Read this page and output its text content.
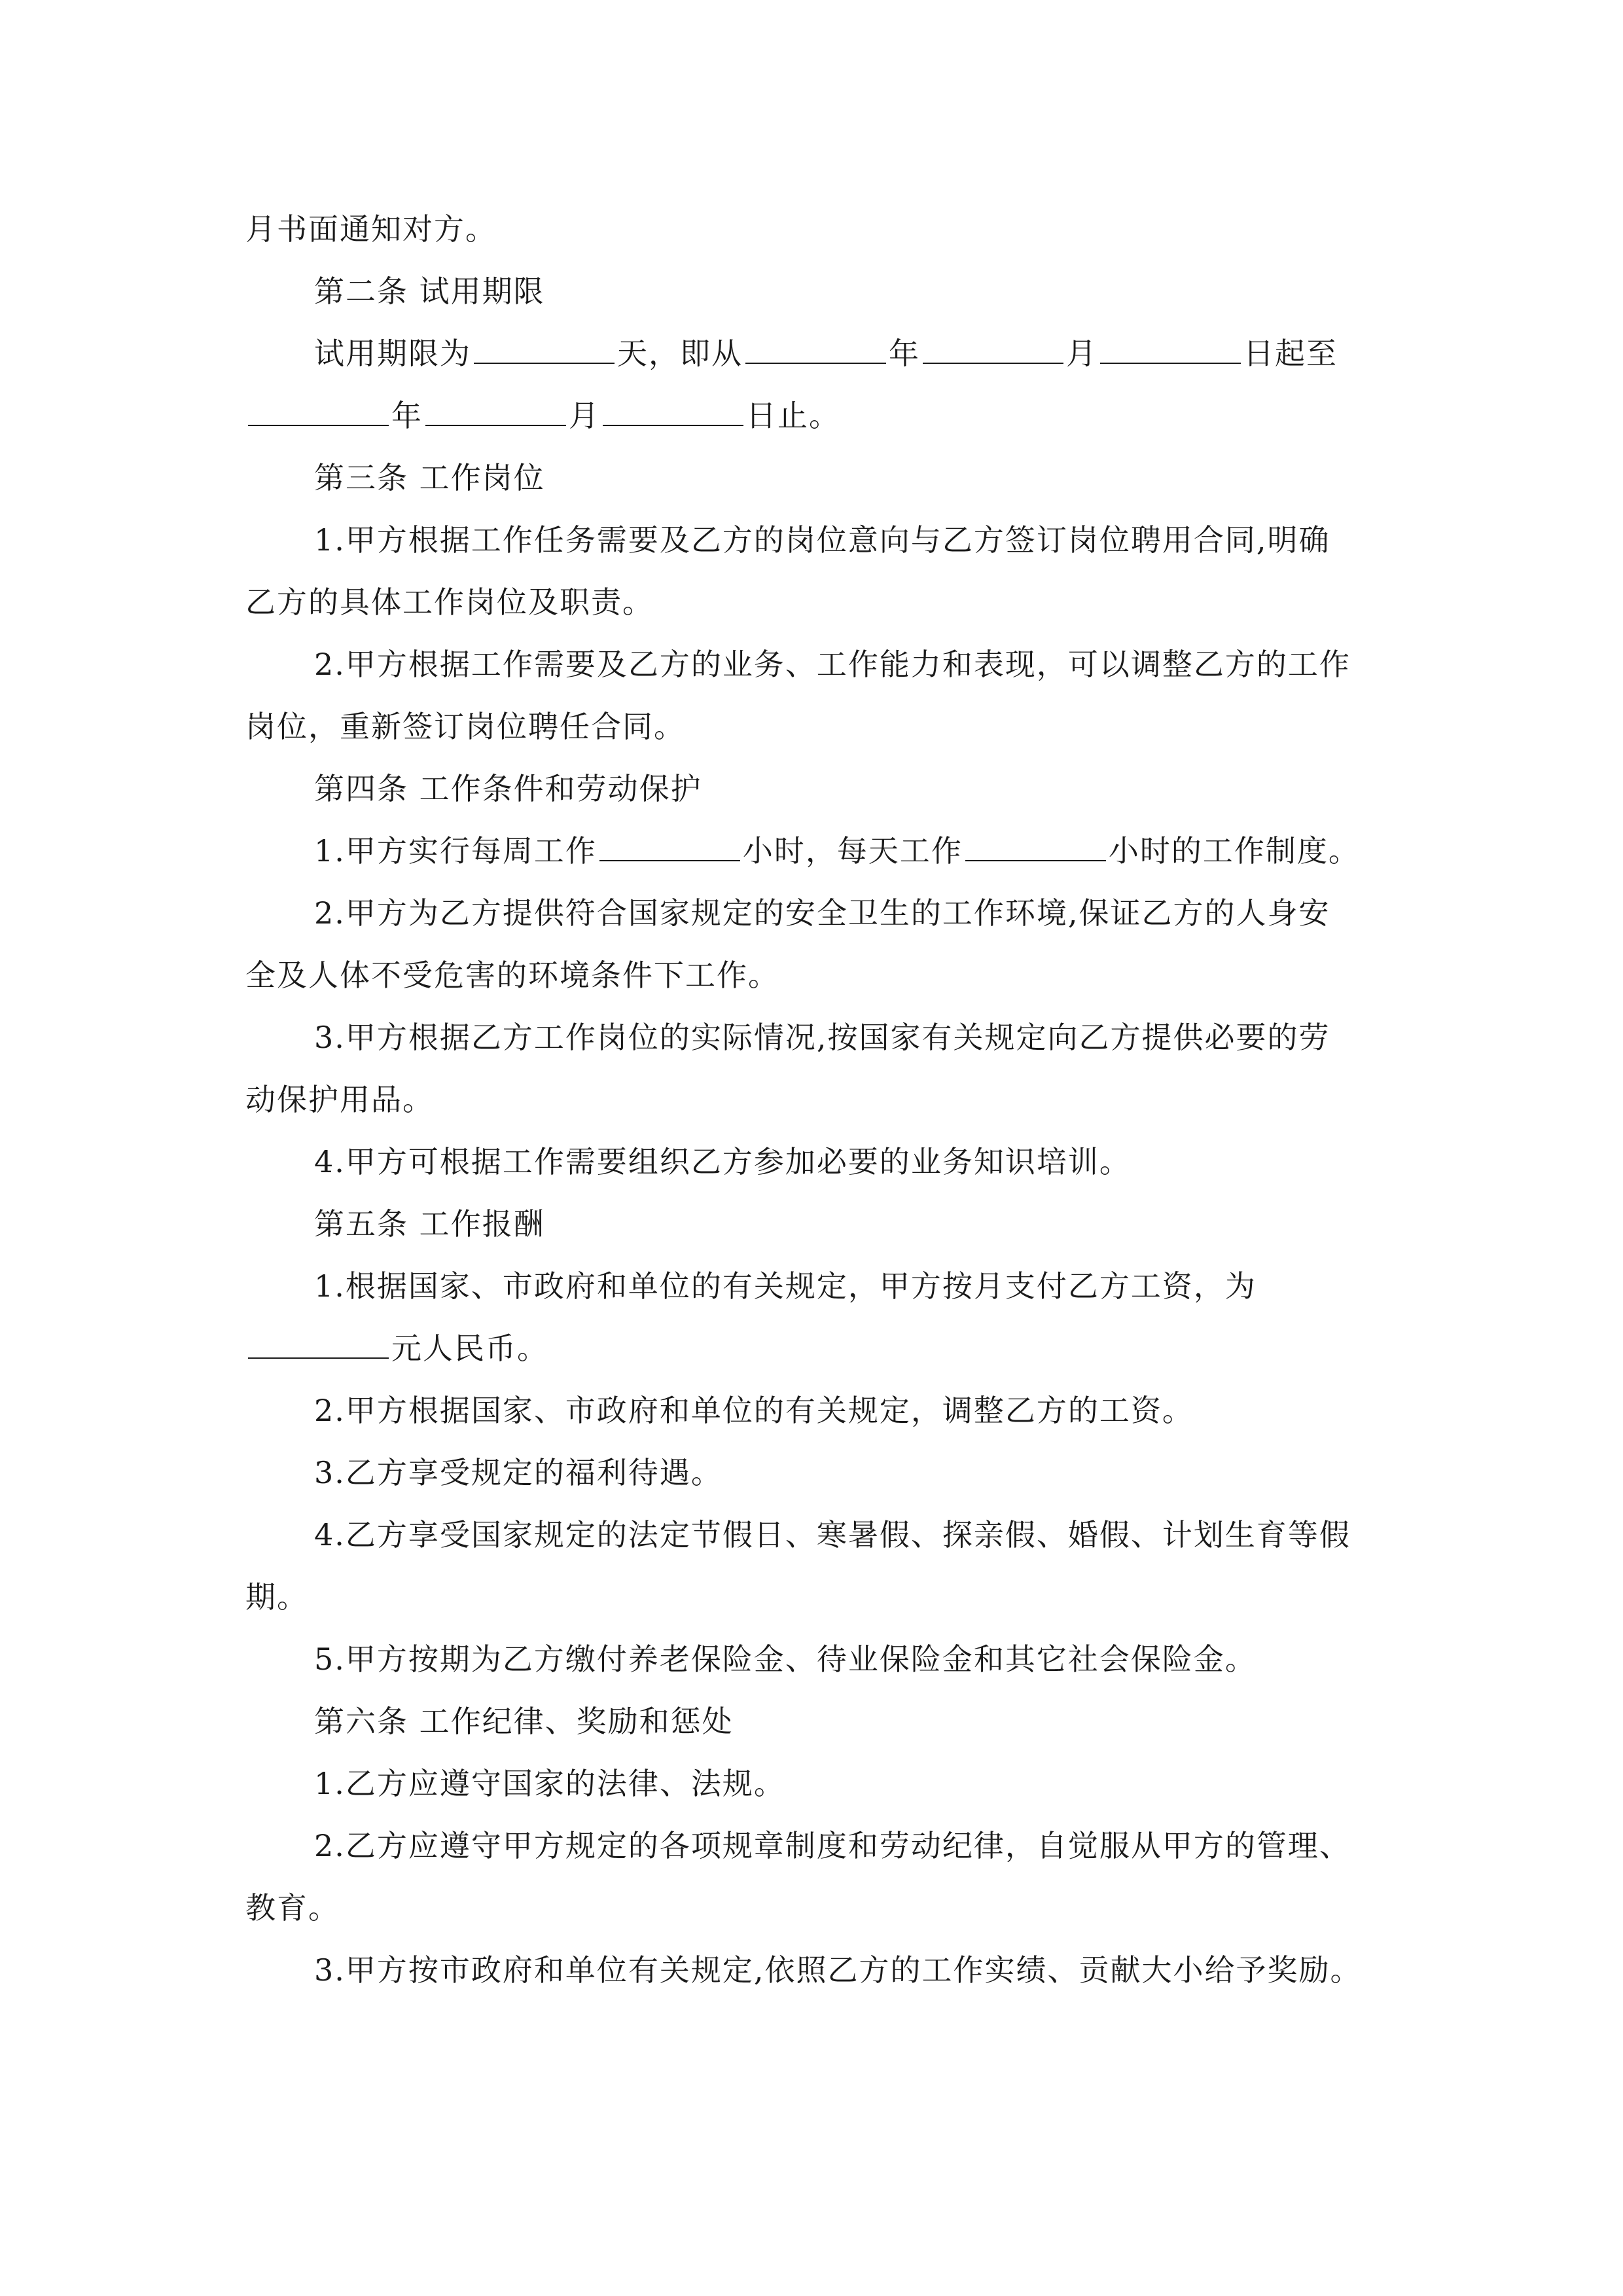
月书面通知对方。
第二条 试用期限
试用期限为	天，即从	年	月	日起至
年	月	日止。
第三条 工作岗位
1.甲方根据工作任务需要及乙方的岗位意向与乙方签订岗位聘用合同,明确
乙方的具体工作岗位及职责。
2.甲方根据工作需要及乙方的业务、工作能力和表现，可以调整乙方的工作
岗位，重新签订岗位聘任合同。
第四条 工作条件和劳动保护
1.甲方实行每周工作	小时，每天工作	小时的工作制度。
2.甲方为乙方提供符合国家规定的安全卫生的工作环境,保证乙方的人身安
全及人体不受危害的环境条件下工作。
3.甲方根据乙方工作岗位的实际情况,按国家有关规定向乙方提供必要的劳
动保护用品。
4.甲方可根据工作需要组织乙方参加必要的业务知识培训。
第五条 工作报酬
1.根据国家、市政府和单位的有关规定，甲方按月支付乙方工资，为
元人民币。
2.甲方根据国家、市政府和单位的有关规定，调整乙方的工资。
3.乙方享受规定的福利待遇。
4.乙方享受国家规定的法定节假日、寒暑假、探亲假、婚假、计划生育等假
期。
5.甲方按期为乙方缴付养老保险金、待业保险金和其它社会保险金。
第六条 工作纪律、奖励和惩处
1.乙方应遵守国家的法律、法规。
2.乙方应遵守甲方规定的各项规章制度和劳动纪律，自觉服从甲方的管理、
教育。
3.甲方按市政府和单位有关规定,依照乙方的工作实绩、贡献大小给予奖励。
